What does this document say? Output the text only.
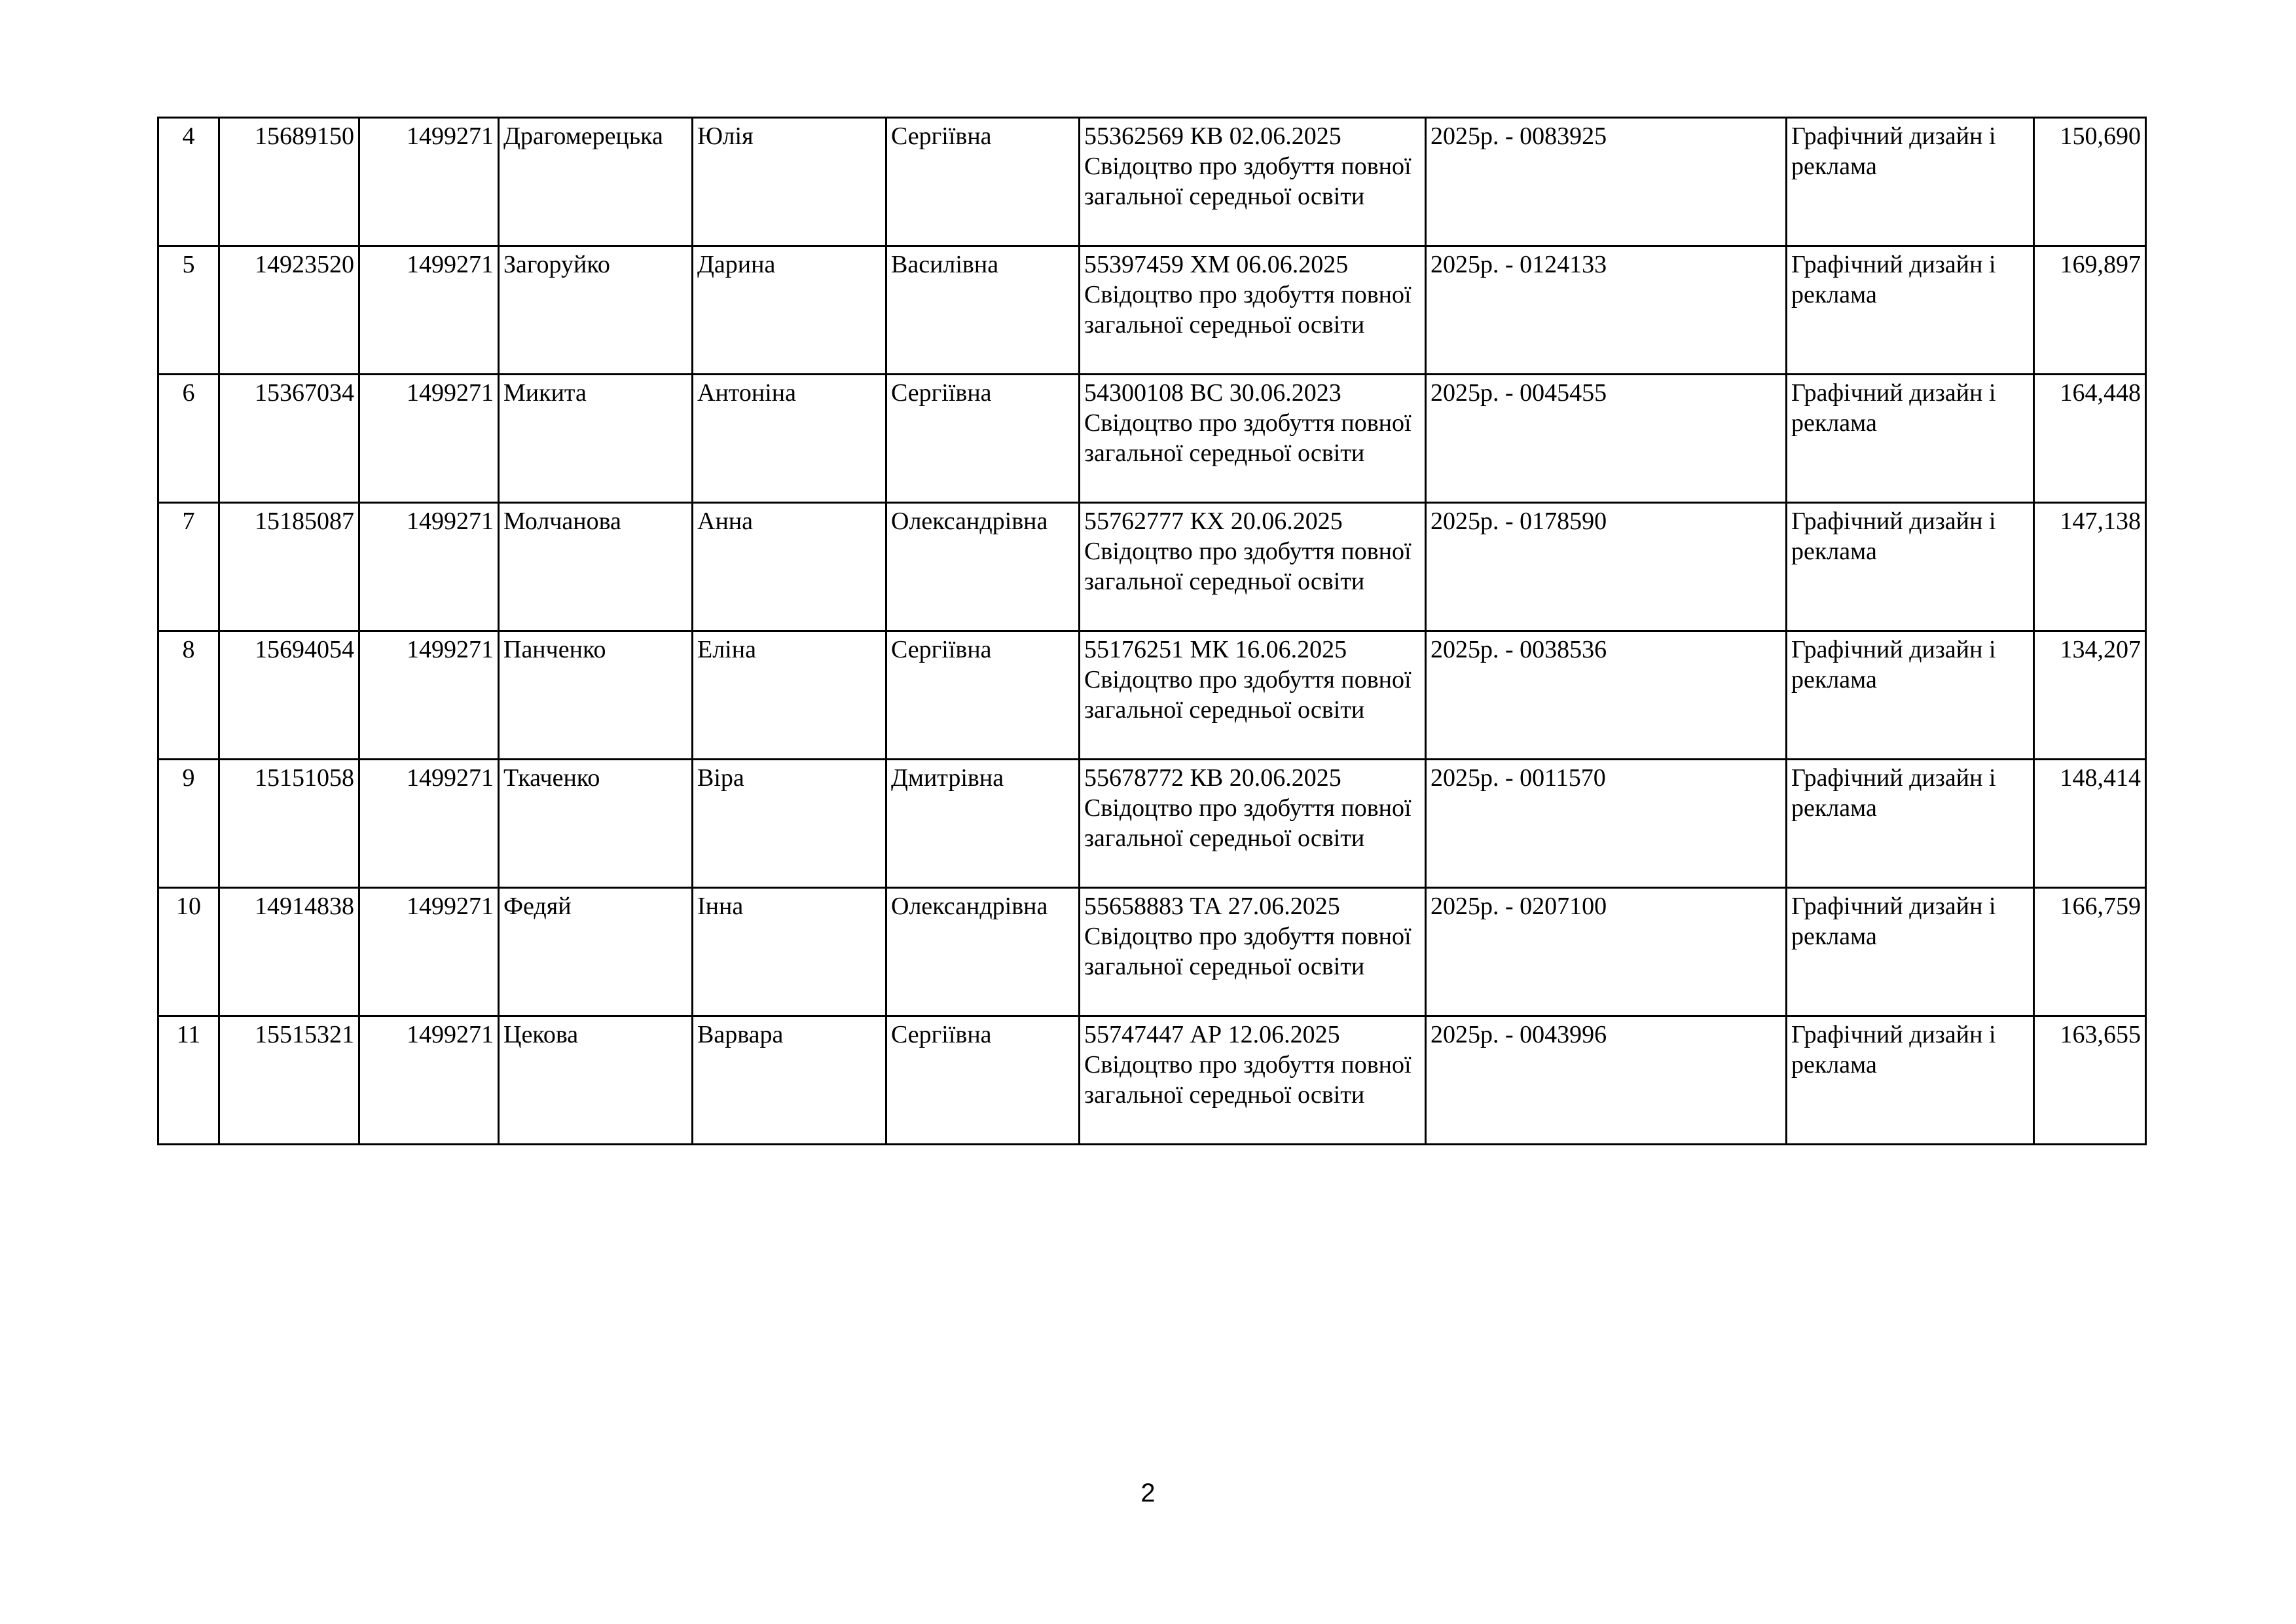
4	15689150	1499271	Драгомерецька	Юлія	Сергіївна	55362569 КВ 02.06.2025 Свідоцтво про здобуття повної загальної середньої освіти	2025р. - 0083925	Графічний дизайн і реклама	150,690
5	14923520	1499271	Загоруйко	Дарина	Василівна	55397459 ХМ 06.06.2025 Свідоцтво про здобуття повної загальної середньої освіти	2025р. - 0124133	Графічний дизайн і реклама	169,897
6	15367034	1499271	Микита	Антоніна	Сергіївна	54300108 ВС 30.06.2023 Свідоцтво про здобуття повної загальної середньої освіти	2025р. - 0045455	Графічний дизайн і реклама	164,448
7	15185087	1499271	Молчанова	Анна	Олександрівна	55762777 КХ 20.06.2025 Свідоцтво про здобуття повної загальної середньої освіти	2025р. - 0178590	Графічний дизайн і реклама	147,138
8	15694054	1499271	Панченко	Еліна	Сергіївна	55176251 МК 16.06.2025 Свідоцтво про здобуття повної загальної середньої освіти	2025р. - 0038536	Графічний дизайн і реклама	134,207
9	15151058	1499271	Ткаченко	Віра	Дмитрівна	55678772 КВ 20.06.2025 Свідоцтво про здобуття повної загальної середньої освіти	2025р. - 0011570	Графічний дизайн і реклама	148,414
10	14914838	1499271	Федяй	Інна	Олександрівна	55658883 ТА 27.06.2025 Свідоцтво про здобуття повної загальної середньої освіти	2025р. - 0207100	Графічний дизайн і реклама	166,759
11	15515321	1499271	Цекова	Варвара	Сергіївна	55747447 АР 12.06.2025 Свідоцтво про здобуття повної загальної середньої освіти	2025р. - 0043996	Графічний дизайн і реклама	163,655
2
